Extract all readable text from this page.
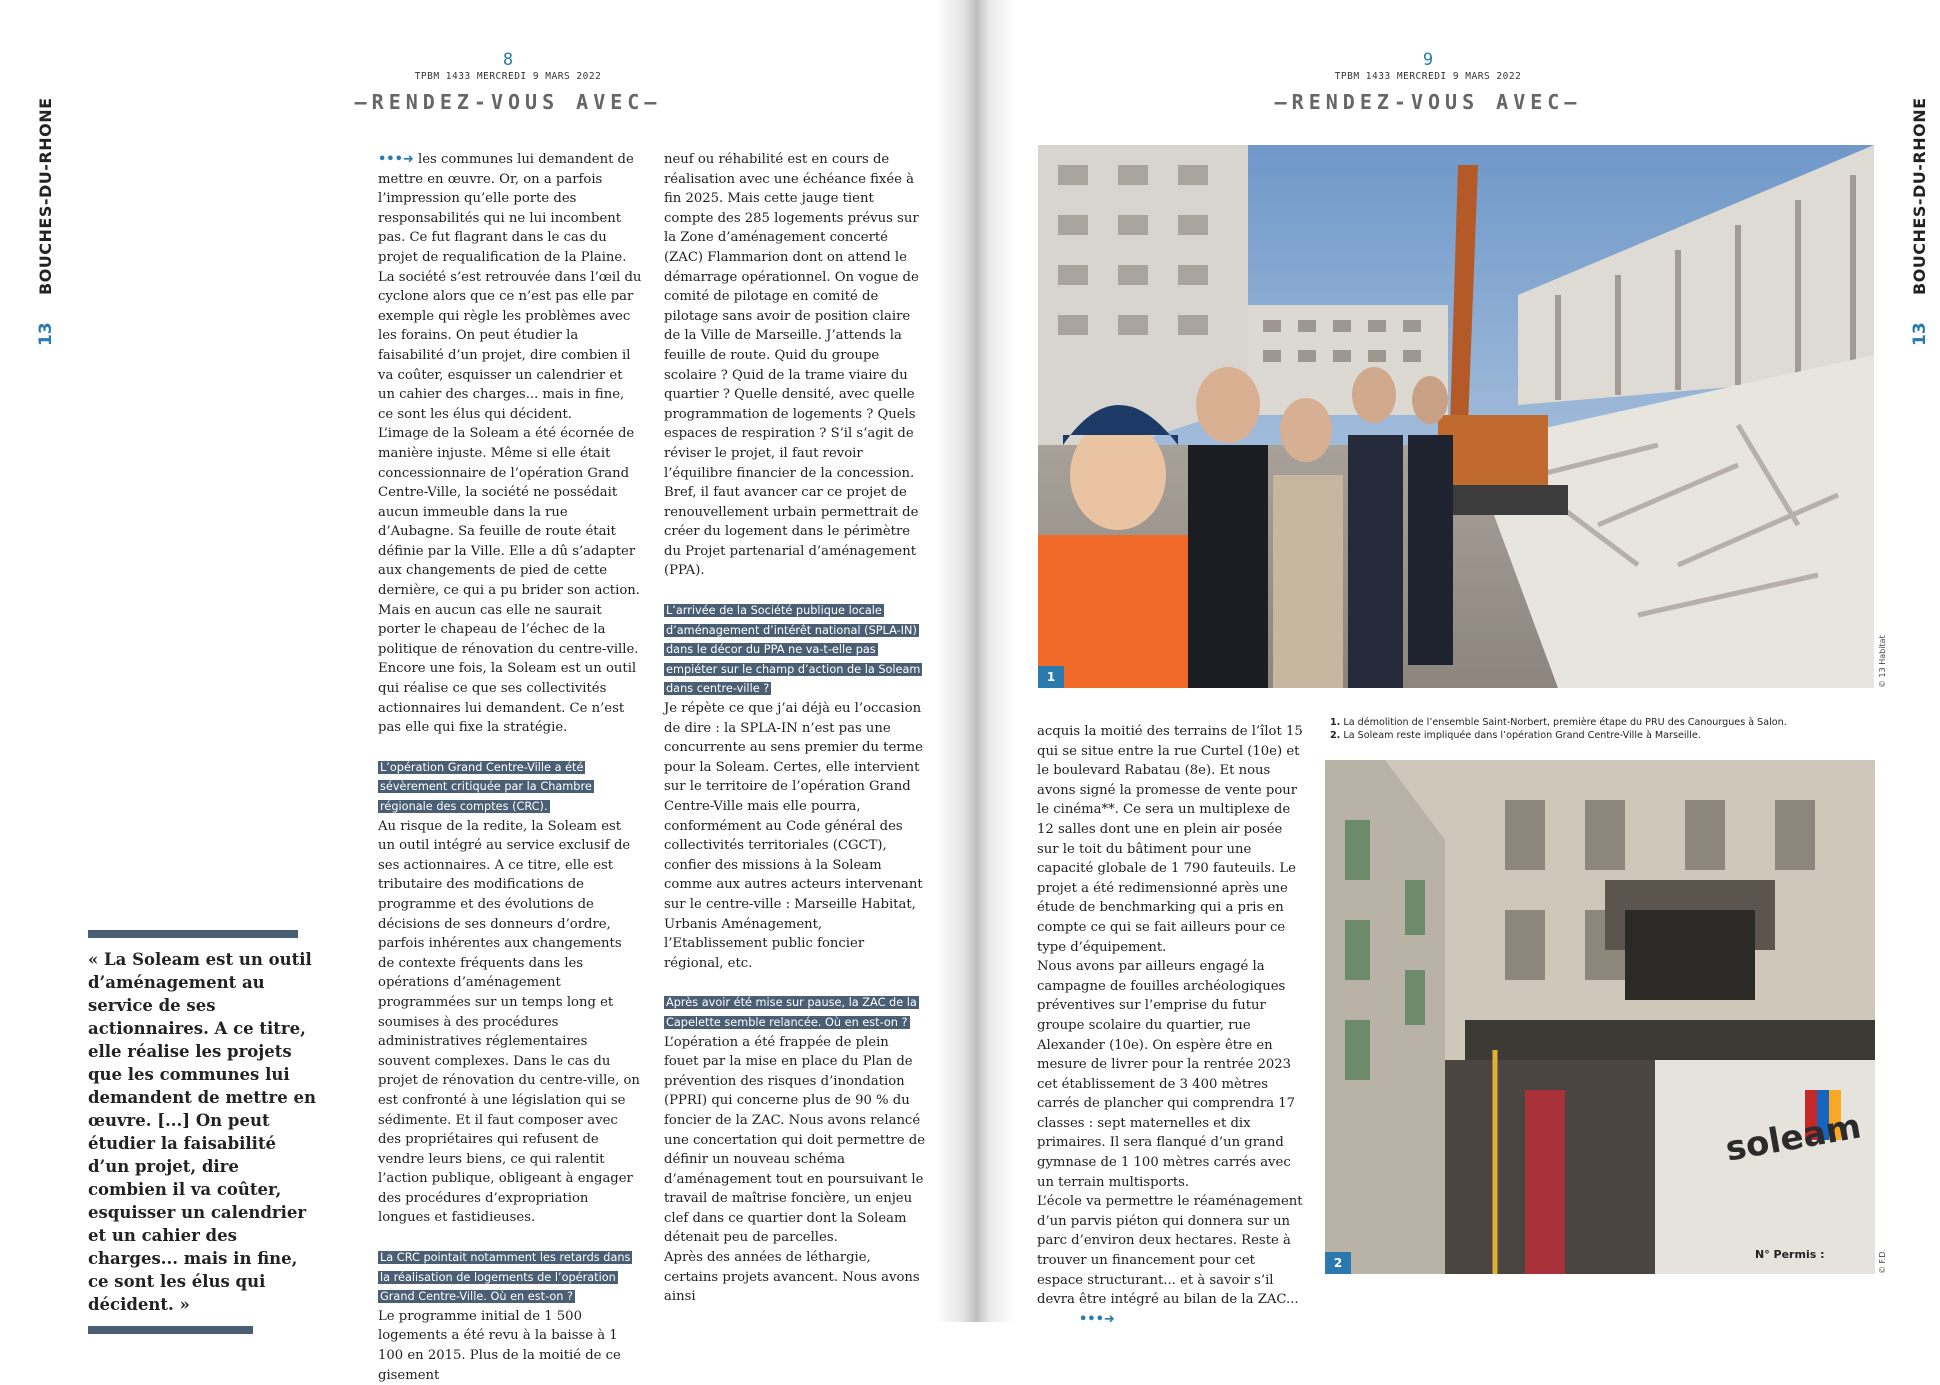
BOUCHES-DU-RHONE
13
8
TPBM 1433 MERCREDI 9 MARS 2022
—RENDEZ-VOUS AVEC—

•••➜ les communes lui demandent de mettre en œuvre. Or, on a parfois l’impression qu’elle porte des responsabilités qui ne lui incombent pas. Ce fut flagrant dans le cas du projet de requalification de la Plaine. La société s’est retrouvée dans l’œil du cyclone alors que ce n’est pas elle par exemple qui règle les problèmes avec les forains. On peut étudier la faisabilité d’un projet, dire combien il va coûter, esquisser un calendrier et un cahier des charges... mais in fine, ce sont les élus qui décident.

L’image de la Soleam a été écornée de manière injuste. Même si elle était concessionnaire de l’opération Grand Centre-Ville, la société ne possédait aucun immeuble dans la rue d’Aubagne. Sa feuille de route était définie par la Ville. Elle a dû s’adapter aux changements de pied de cette dernière, ce qui a pu brider son action. Mais en aucun cas elle ne saurait porter le chapeau de l’échec de la politique de rénovation du centre-ville. Encore une fois, la Soleam est un outil qui réalise ce que ses collectivités actionnaires lui demandent. Ce n’est pas elle qui fixe la stratégie.

L’opération Grand Centre-Ville a été sévèrement critiquée par la Chambre régionale des comptes (CRC).

Au risque de la redite, la Soleam est un outil intégré au service exclusif de ses actionnaires. A ce titre, elle est tributaire des modifications de programme et des évolutions de décisions de ses donneurs d’ordre, parfois inhérentes aux changements de contexte fréquents dans les opérations d’aménagement programmées sur un temps long et soumises à des procédures administratives réglementaires souvent complexes. Dans le cas du projet de rénovation du centre-ville, on est confronté à une législation qui se sédimente. Et il faut composer avec des propriétaires qui refusent de vendre leurs biens, ce qui ralentit l’action publique, obligeant à engager des procédures d’expropriation longues et fastidieuses.

La CRC pointait notamment les retards dans la réalisation de logements de l’opération Grand Centre-Ville. Où en est-on ?

Le programme initial de 1 500 logements a été revu à la baisse à 1 100 en 2015. Plus de la moitié de ce gisement

neuf ou réhabilité est en cours de réalisation avec une échéance fixée à fin 2025. Mais cette jauge tient compte des 285 logements prévus sur la Zone d’aménagement concerté (ZAC) Flammarion dont on attend le démarrage opérationnel. On vogue de comité de pilotage en comité de pilotage sans avoir de position claire de la Ville de Marseille. J’attends la feuille de route. Quid du groupe scolaire ? Quid de la trame viaire du quartier ? Quelle densité, avec quelle programmation de logements ? Quels espaces de respiration ? S’il s’agit de réviser le projet, il faut revoir l’équilibre financier de la concession.

Bref, il faut avancer car ce projet de renouvellement urbain permettrait de créer du logement dans le périmètre du Projet partenarial d’aménagement (PPA).

L’arrivée de la Société publique locale d’aménagement d’intérêt national (SPLA-IN) dans le décor du PPA ne va-t-elle pas empiéter sur le champ d’action de la Soleam dans centre-ville ?

Je répète ce que j’ai déjà eu l’occasion de dire : la SPLA-IN n’est pas une concurrente au sens premier du terme pour la Soleam. Certes, elle intervient sur le territoire de l’opération Grand Centre-Ville mais elle pourra, conformément au Code général des collectivités territoriales (CGCT), confier des missions à la Soleam comme aux autres acteurs intervenant sur le centre-ville : Marseille Habitat, Urbanis Aménagement, l’Etablissement public foncier régional, etc.

Après avoir été mise sur pause, la ZAC de la Capelette semble relancée. Où en est-on ?

L’opération a été frappée de plein fouet par la mise en place du Plan de prévention des risques d’inondation (PPRI) qui concerne plus de 90 % du foncier de la ZAC. Nous avons relancé une concertation qui doit permettre de définir un nouveau schéma d’aménagement tout en poursuivant le travail de maîtrise foncière, un enjeu clef dans ce quartier dont la Soleam détenait peu de parcelles.

Après des années de léthargie, certains projets avancent. Nous avons ainsi

« La Soleam est un outil d’aménagement au service de ses actionnaires. A ce titre, elle réalise les projets que les communes lui demandent de mettre en œuvre. [...] On peut étudier la faisabilité d’un projet, dire combien il va coûter, esquisser un calendrier et un cahier des charges... mais in fine, ce sont les élus qui décident. »
9
TPBM 1433 MERCREDI 9 MARS 2022
—RENDEZ-VOUS AVEC—	BOUCHES-DU-RHONE
13
1	© 13 Habitat
1. La démolition de l’ensemble Saint-Norbert, première étape du PRU des Canourgues à Salon.
2. La Soleam reste impliquée dans l’opération Grand Centre-Ville à Marseille.
soleam
N° Permis :
2	© F.D.

acquis la moitié des terrains de l’îlot 15 qui se situe entre la rue Curtel (10e) et le boulevard Rabatau (8e). Et nous avons signé la promesse de vente pour le cinéma**. Ce sera un multiplexe de 12 salles dont une en plein air posée sur le toit du bâtiment pour une capacité globale de 1 790 fauteuils. Le projet a été redimensionné après une étude de benchmarking qui a pris en compte ce qui se fait ailleurs pour ce type d’équipement.

Nous avons par ailleurs engagé la campagne de fouilles archéologiques préventives sur l’emprise du futur groupe scolaire du quartier, rue Alexander (10e). On espère être en mesure de livrer pour la rentrée 2023 cet établissement de 3 400 mètres carrés de plancher qui comprendra 17 classes : sept maternelles et dix primaires. Il sera flanqué d’un grand gymnase de 1 100 mètres carrés avec un terrain multisports.

L’école va permettre le réaménagement d’un parvis piéton qui donnera sur un parc d’environ deux hectares. Reste à trouver un financement pour cet espace structurant... et à savoir s’il devra être intégré au bilan de la ZAC... •••➜
